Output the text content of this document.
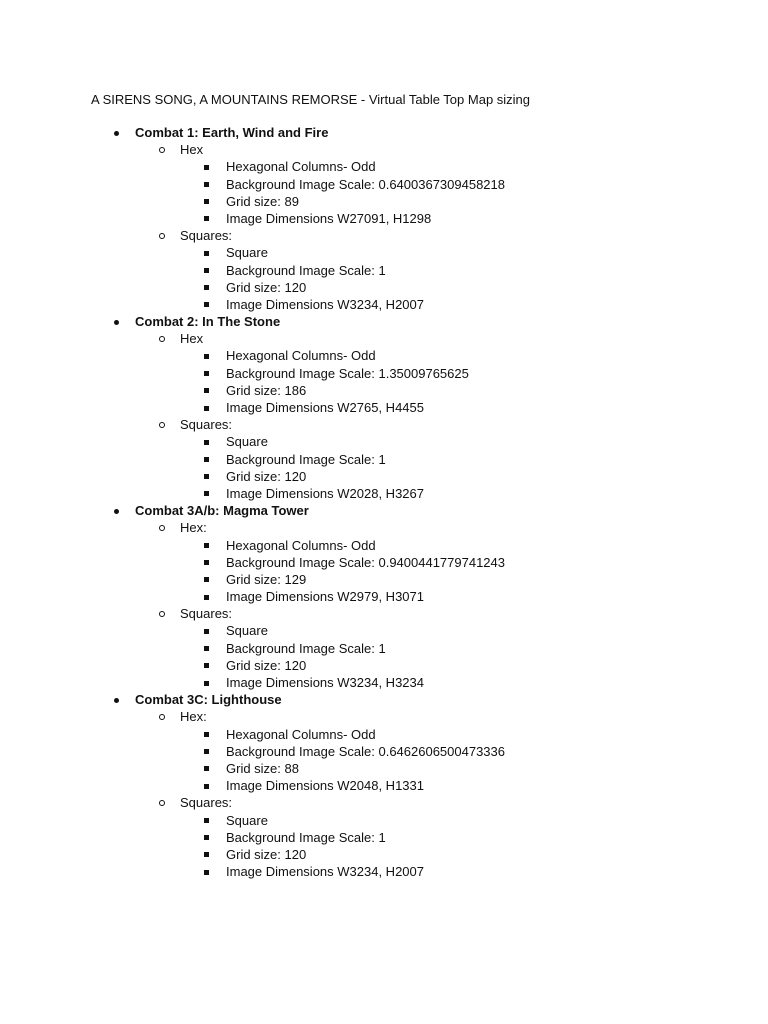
A SIRENS SONG, A MOUNTAINS REMORSE - Virtual Table Top Map sizing
Combat 1: Earth, Wind and Fire
Hex
Hexagonal Columns- Odd
Background Image Scale: 0.6400367309458218
Grid size: 89
Image Dimensions W27091, H1298
Squares:
Square
Background Image Scale: 1
Grid size: 120
Image Dimensions W3234, H2007
Combat 2: In The Stone
Hex
Hexagonal Columns- Odd
Background Image Scale: 1.35009765625
Grid size: 186
Image Dimensions W2765, H4455
Squares:
Square
Background Image Scale: 1
Grid size: 120
Image Dimensions W2028, H3267
Combat 3A/b: Magma Tower
Hex:
Hexagonal Columns- Odd
Background Image Scale: 0.9400441779741243
Grid size: 129
Image Dimensions W2979, H3071
Squares:
Square
Background Image Scale: 1
Grid size: 120
Image Dimensions W3234, H3234
Combat 3C: Lighthouse
Hex:
Hexagonal Columns- Odd
Background Image Scale: 0.6462606500473336
Grid size: 88
Image Dimensions W2048, H1331
Squares:
Square
Background Image Scale: 1
Grid size: 120
Image Dimensions W3234, H2007
